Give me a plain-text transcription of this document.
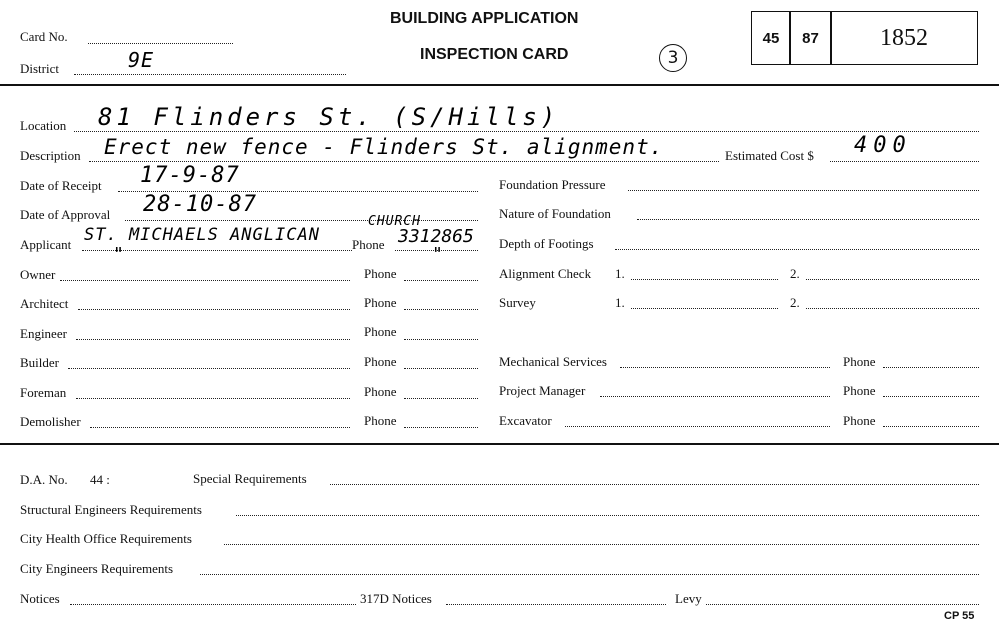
Card No.
District	9E
BUILDING APPLICATION
INSPECTION CARD	3
45 87	1852
Location 81 Flinders St. (S/Hills)
Description Erect new fence - Flinders St. alignment.	Estimated Cost $ 400
Date of Receipt 17-9-87
Date of Approval 28-10-87
Applicant ST. MICHAELS ANGLICAN
CHURCH
Phone 3312865
"	"
Owner	Phone
Architect	Phone
Engineer	Phone
Builder	Phone
Foreman	Phone
Demolisher	Phone
Foundation Pressure
Nature of Foundation
Depth of Footings
Alignment Check 1.	2.
Survey	1.	2.
Mechanical Services	Phone
Project Manager	Phone
Excavator	Phone
D.A. No. 44 :	Special Requirements
Structural Engineers Requirements
City Health Office Requirements
City Engineers Requirements
Notices	317D Notices	Levy
CP 55
